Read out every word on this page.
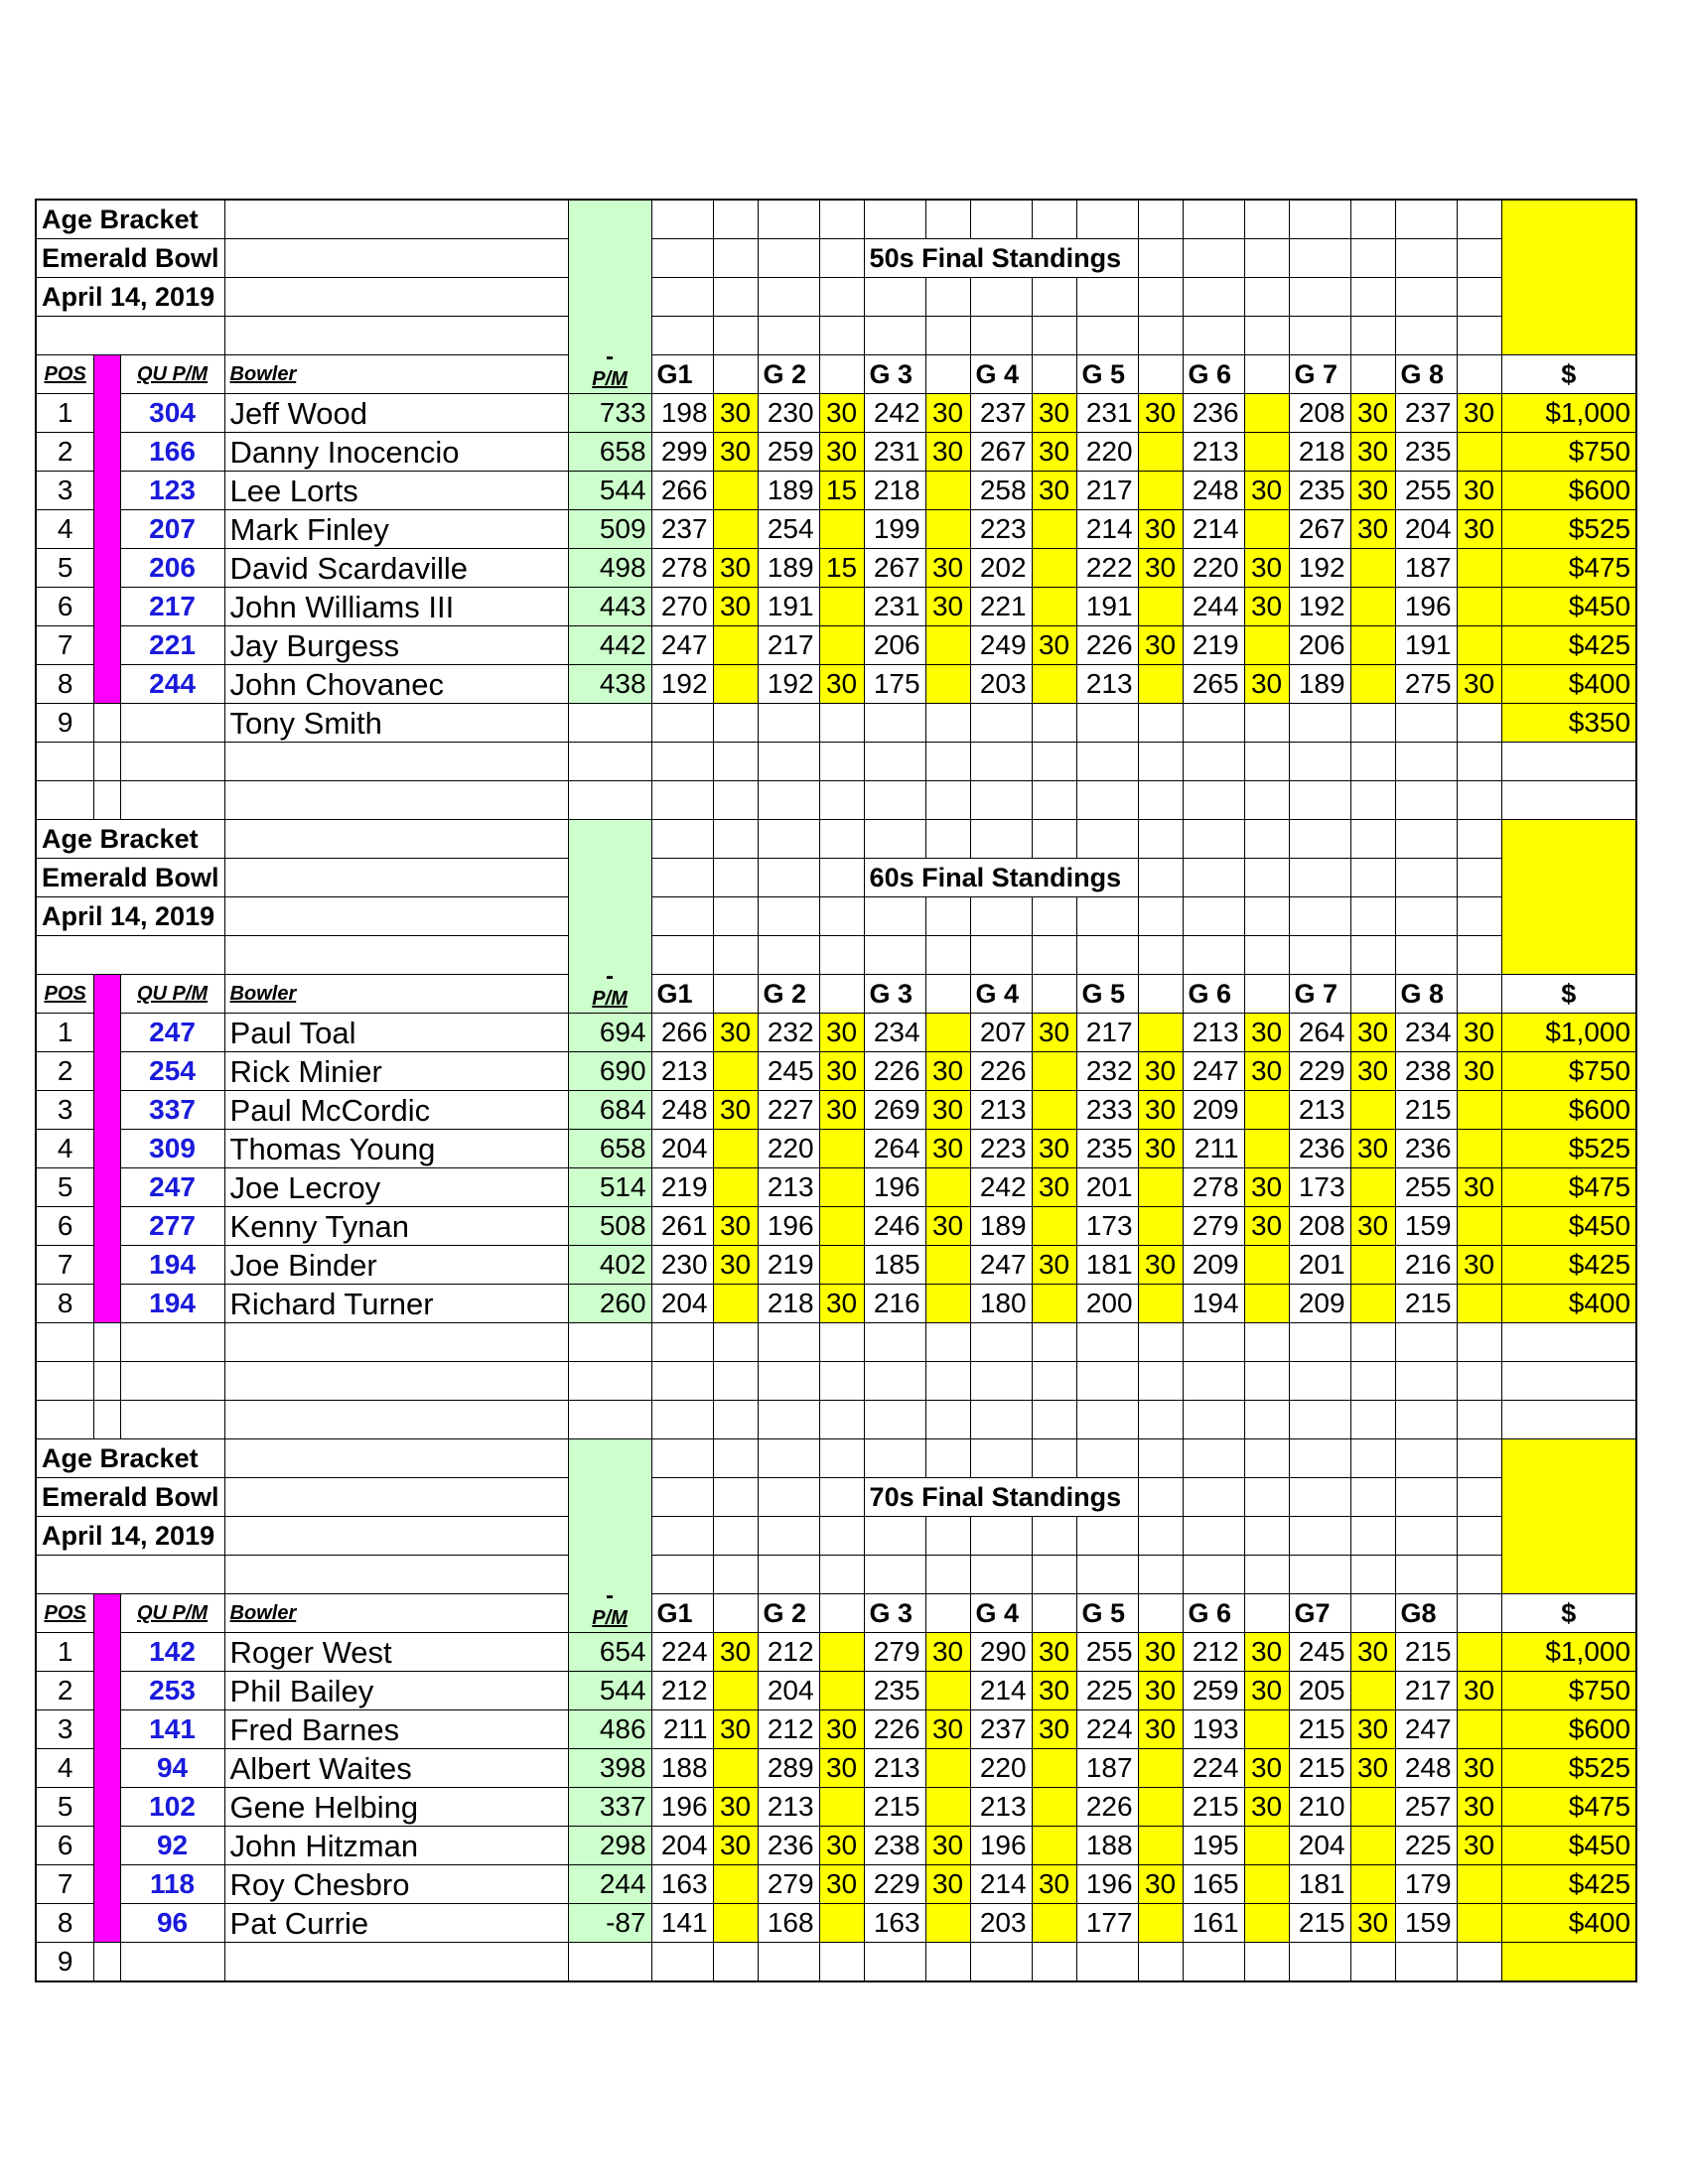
Age Bracket				-
P/M																	

Emerald Bowl									50s Final Standings												
April 14, 2019																					

POS		QU P/M	Bowler		G1		G 2		G 3		G 4		G 5		G 6		G 7		G 8		$
1		304	Jeff Wood	733	198	30	230	30	242	30	237	30	231	30	236		208	30	237	30	$1,000
2		166	Danny Inocencio	658	299	30	259	30	231	30	267	30	220		213		218	30	235		$750
3		123	Lee Lorts	544	266		189	15	218		258	30	217		248	30	235	30	255	30	$600
4		207	Mark Finley	509	237		254		199		223		214	30	214		267	30	204	30	$525
5		206	David Scardaville	498	278	30	189	15	267	30	202		222	30	220	30	192		187		$475
6		217	John Williams III	443	270	30	191		231	30	221		191		244	30	192		196		$450
7		221	Jay Burgess	442	247		217		206		249	30	226	30	219		206		191		$425
8		244	John Chovanec	438	192		192	30	175		203		213		265	30	189		275	30	$400
9			Tony Smith																		$350

Age Bracket				-
P/M																	

Emerald Bowl									60s Final Standings												
April 14, 2019																					

POS		QU P/M	Bowler		G1		G 2		G 3		G 4		G 5		G 6		G 7		G 8		$
1		247	Paul Toal	694	266	30	232	30	234		207	30	217		213	30	264	30	234	30	$1,000
2		254	Rick Minier	690	213		245	30	226	30	226		232	30	247	30	229	30	238	30	$750
3		337	Paul McCordic	684	248	30	227	30	269	30	213		233	30	209		213		215		$600
4		309	Thomas Young	658	204		220		264	30	223	30	235	30	211		236	30	236		$525
5		247	Joe Lecroy	514	219		213		196		242	30	201		278	30	173		255	30	$475
6		277	Kenny Tynan	508	261	30	196		246	30	189		173		279	30	208	30	159		$450
7		194	Joe Binder	402	230	30	219		185		247	30	181	30	209		201		216	30	$425
8		194	Richard Turner	260	204		218	30	216		180		200		194		209		215		$400

Age Bracket				-
P/M																	

Emerald Bowl									70s Final Standings												
April 14, 2019																					

POS		QU P/M	Bowler		G1		G 2		G 3		G 4		G 5		G 6		G7		G8		$
1		142	Roger West	654	224	30	212		279	30	290	30	255	30	212	30	245	30	215		$1,000
2		253	Phil Bailey	544	212		204		235		214	30	225	30	259	30	205		217	30	$750
3		141	Fred Barnes	486	211	30	212	30	226	30	237	30	224	30	193		215	30	247		$600
4		94	Albert Waites	398	188		289	30	213		220		187		224	30	215	30	248	30	$525
5		102	Gene Helbing	337	196	30	213		215		213		226		215	30	210		257	30	$475
6		92	John Hitzman	298	204	30	236	30	238	30	196		188		195		204		225	30	$450
7		118	Roy Chesbro	244	163		279	30	229	30	214	30	196	30	165		181		179		$425
8		96	Pat Currie	-87	141		168		163		203		177		161		215	30	159		$400
9																					
